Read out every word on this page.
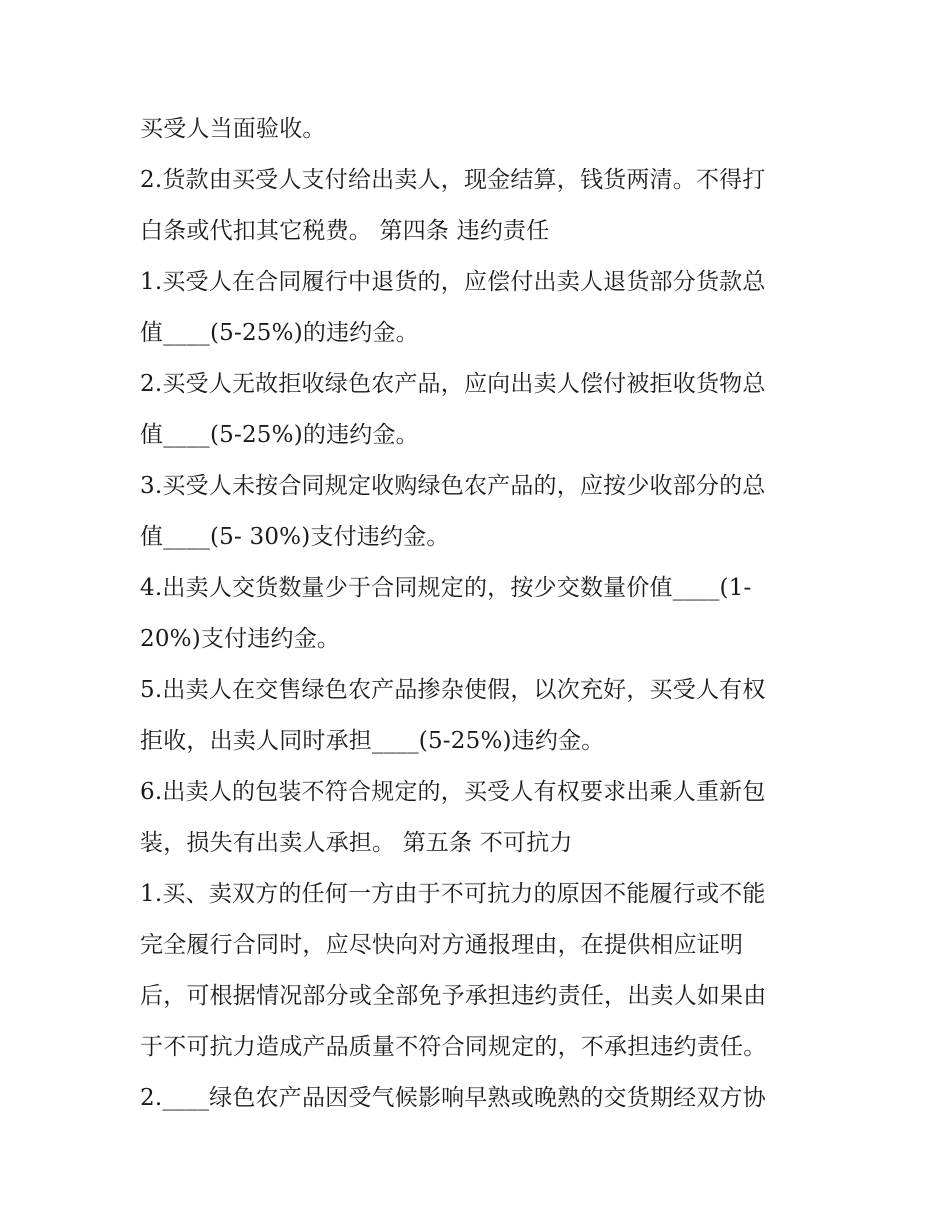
买受人当面验收。
2.货款由买受人支付给出卖人，现金结算，钱货两清。不得打
白条或代扣其它税费。 第四条 违约责任
1.买受人在合同履行中退货的，应偿付出卖人退货部分货款总
值____(5-25%)的违约金。
2.买受人无故拒收绿色农产品，应向出卖人偿付被拒收货物总
值____(5-25%)的违约金。
3.买受人未按合同规定收购绿色农产品的，应按少收部分的总
值____(5- 30%)支付违约金。
4.出卖人交货数量少于合同规定的，按少交数量价值____(1-
20%)支付违约金。
5.出卖人在交售绿色农产品掺杂使假，以次充好，买受人有权
拒收，出卖人同时承担____(5-25%)违约金。
6.出卖人的包装不符合规定的，买受人有权要求出乘人重新包
装，损失有出卖人承担。 第五条 不可抗力
1.买、卖双方的任何一方由于不可抗力的原因不能履行或不能
完全履行合同时，应尽快向对方通报理由，在提供相应证明
后，可根据情况部分或全部免予承担违约责任，出卖人如果由
于不可抗力造成产品质量不符合同规定的，不承担违约责任。
2.____绿色农产品因受气候影响早熟或晚熟的交货期经双方协
